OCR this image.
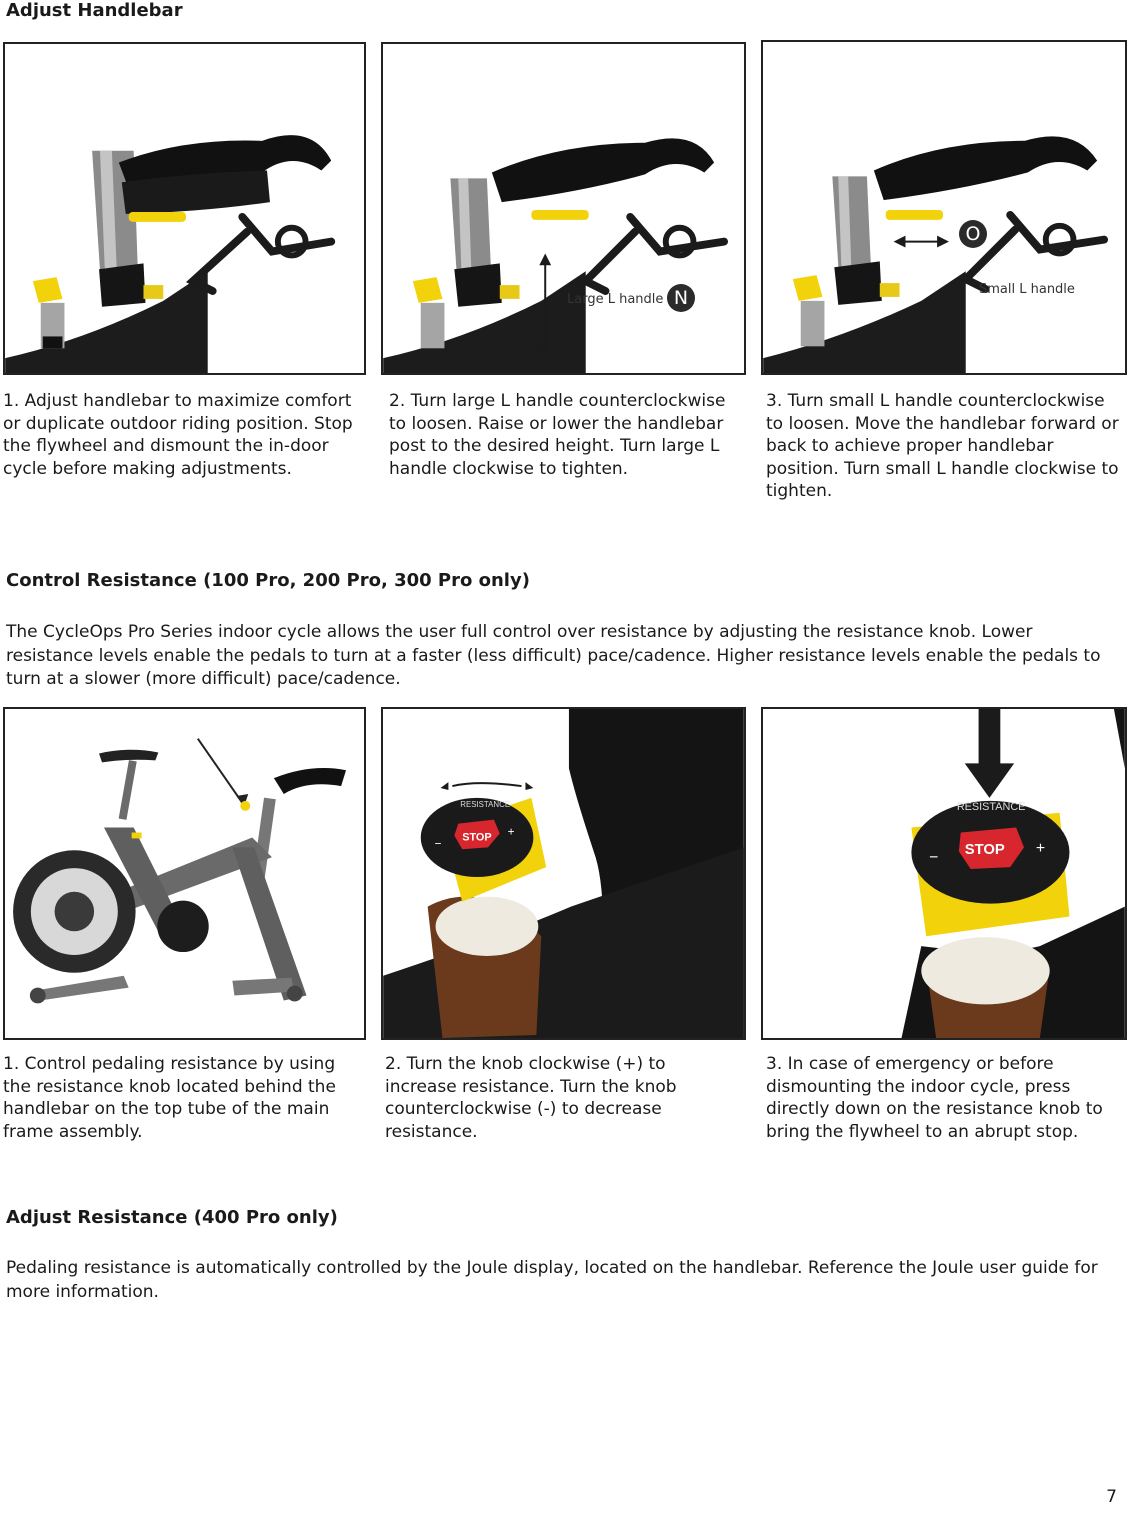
Adjust Handlebar
Large L handle N
O
Small L handle
1. Adjust handlebar to maximize comfort or duplicate outdoor riding position. Stop the flywheel and dismount the in-door cycle before making adjustments.
2. Turn large L handle counterclockwise to loosen. Raise or lower the handlebar post to the desired height. Turn large L handle clockwise to tighten.
3. Turn small L handle counterclockwise to loosen. Move the handlebar forward or back to achieve proper handlebar position. Turn small L handle clockwise to tighten.
Control Resistance (100 Pro, 200 Pro, 300 Pro only)
The CycleOps Pro Series indoor cycle allows the user full control over resistance by adjusting the resistance knob. Lower resistance levels enable the pedals to turn at a faster (less difficult) pace/cadence. Higher resistance levels enable the pedals to turn at a slower (more difficult) pace/cadence.
RESISTANCE
STOP
−
+
RESISTANCE
STOP
−
+
1. Control pedaling resistance by using the resistance knob located behind the handlebar on the top tube of the main frame assembly.
2. Turn the knob clockwise (+) to increase resistance. Turn the knob counterclockwise (-) to decrease resistance.
3. In case of emergency or before dismounting the indoor cycle, press directly down on the resistance knob to bring the flywheel to an abrupt stop.
Adjust Resistance (400 Pro only)
Pedaling resistance is automatically controlled by the Joule display, located on the handlebar. Reference the Joule user guide for more information.
7
